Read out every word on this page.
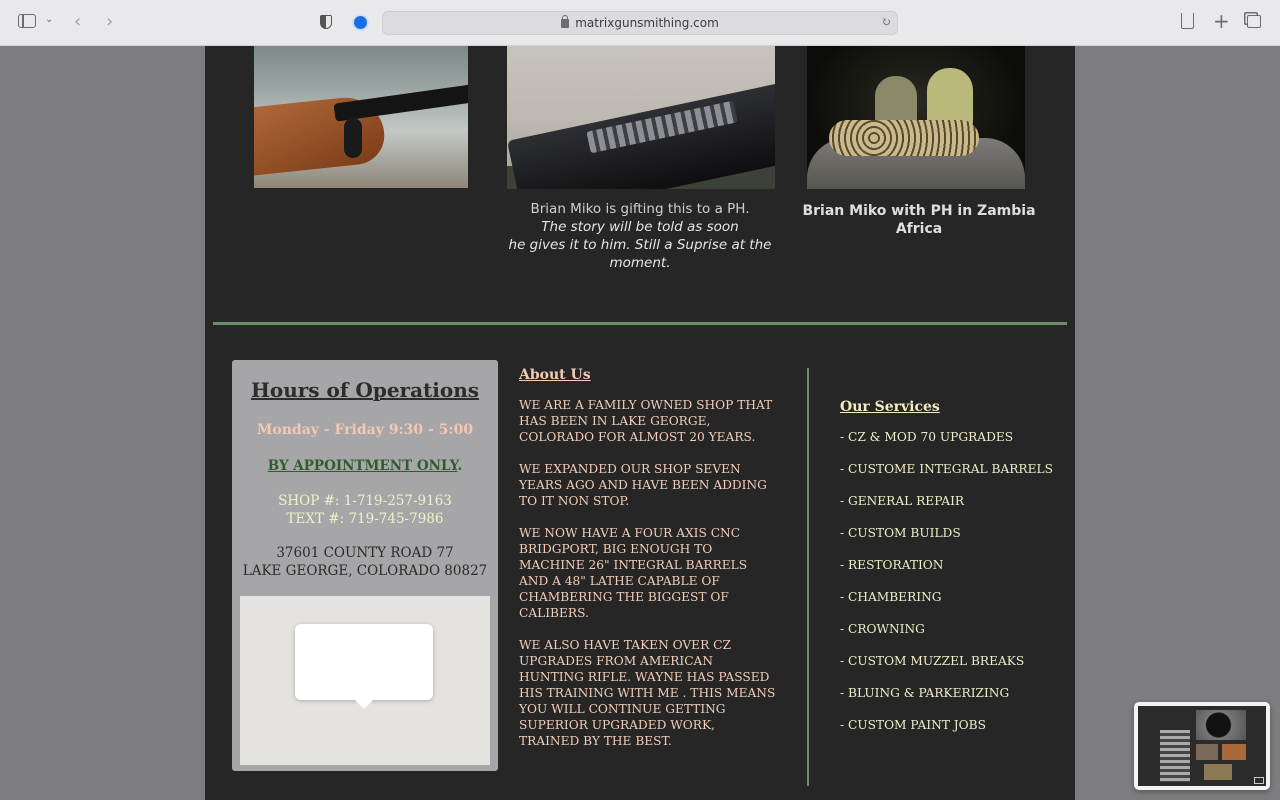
⌄ ‹ ›	matrixgunsmithing.com	↻	+
Brian Miko is gifting this to a PH.
The story will be told as soon
he gives it to him. Still a Suprise at the
moment.
Brian Miko with PH in Zambia Africa
Hours of Operations
Monday - Friday 9:30 - 5:00
BY APPOINTMENT ONLY.
SHOP #: 1-719-257-9163
TEXT #: 719-745-7986
37601 COUNTY ROAD 77
LAKE GEORGE, COLORADO 80827
About Us

WE ARE A FAMILY OWNED SHOP THAT HAS BEEN IN LAKE GEORGE, COLORADO FOR ALMOST 20 YEARS.

WE EXPANDED OUR SHOP SEVEN YEARS AGO AND HAVE BEEN ADDING TO IT NON STOP.

WE NOW HAVE A FOUR AXIS CNC BRIDGPORT, BIG ENOUGH TO MACHINE 26" INTEGRAL BARRELS AND A 48" LATHE CAPABLE OF CHAMBERING THE BIGGEST OF CALIBERS.

WE ALSO HAVE TAKEN OVER CZ UPGRADES FROM AMERICAN HUNTING RIFLE. WAYNE HAS PASSED HIS TRAINING WITH ME . THIS MEANS YOU WILL CONTINUE GETTING SUPERIOR UPGRADED WORK, TRAINED BY THE BEST.

Our Services
- CZ & MOD 70 UPGRADES
- CUSTOME INTEGRAL BARRELS
- GENERAL REPAIR
- CUSTOM BUILDS
- RESTORATION
- CHAMBERING
- CROWNING
- CUSTOM MUZZEL BREAKS
- BLUING & PARKERIZING
- CUSTOM PAINT JOBS
